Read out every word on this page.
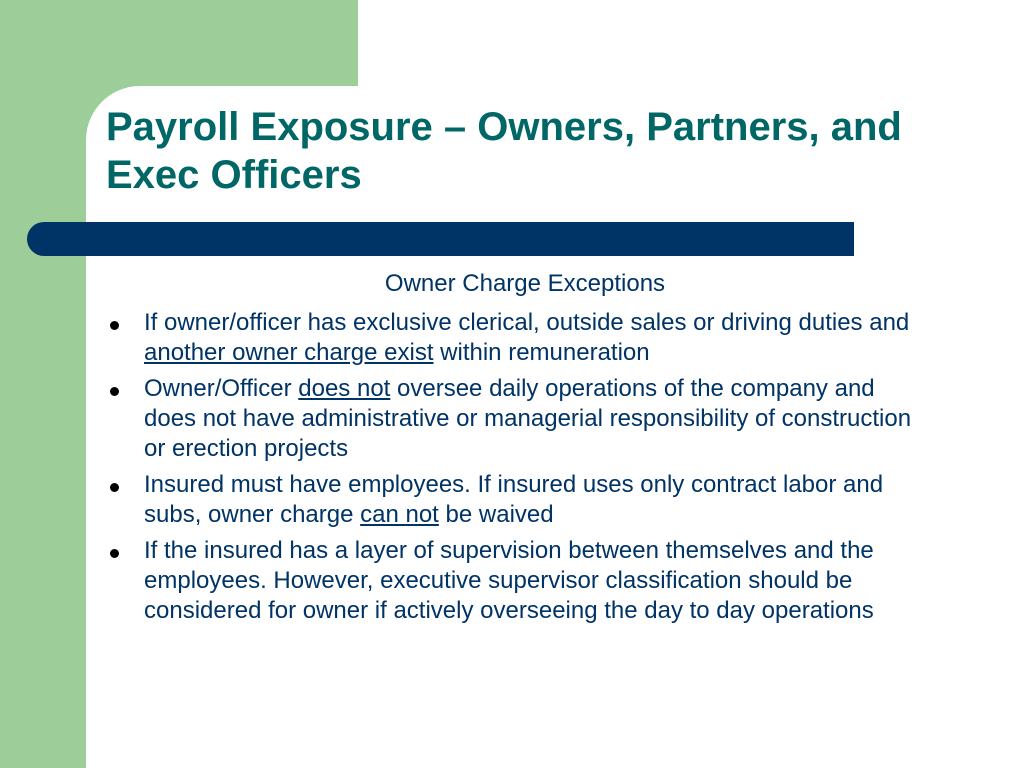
Payroll Exposure – Owners, Partners, and Exec Officers

Owner Charge Exceptions

If owner/officer has exclusive clerical, outside sales or driving duties and another owner charge exist within remuneration
Owner/Officer does not oversee daily operations of the company and does not have administrative or managerial responsibility of construction or erection projects
Insured must have employees. If insured uses only contract labor and subs, owner charge can not be waived
If the insured has a layer of supervision between themselves and the employees. However, executive supervisor classification should be considered for owner if actively overseeing the day to day operations
